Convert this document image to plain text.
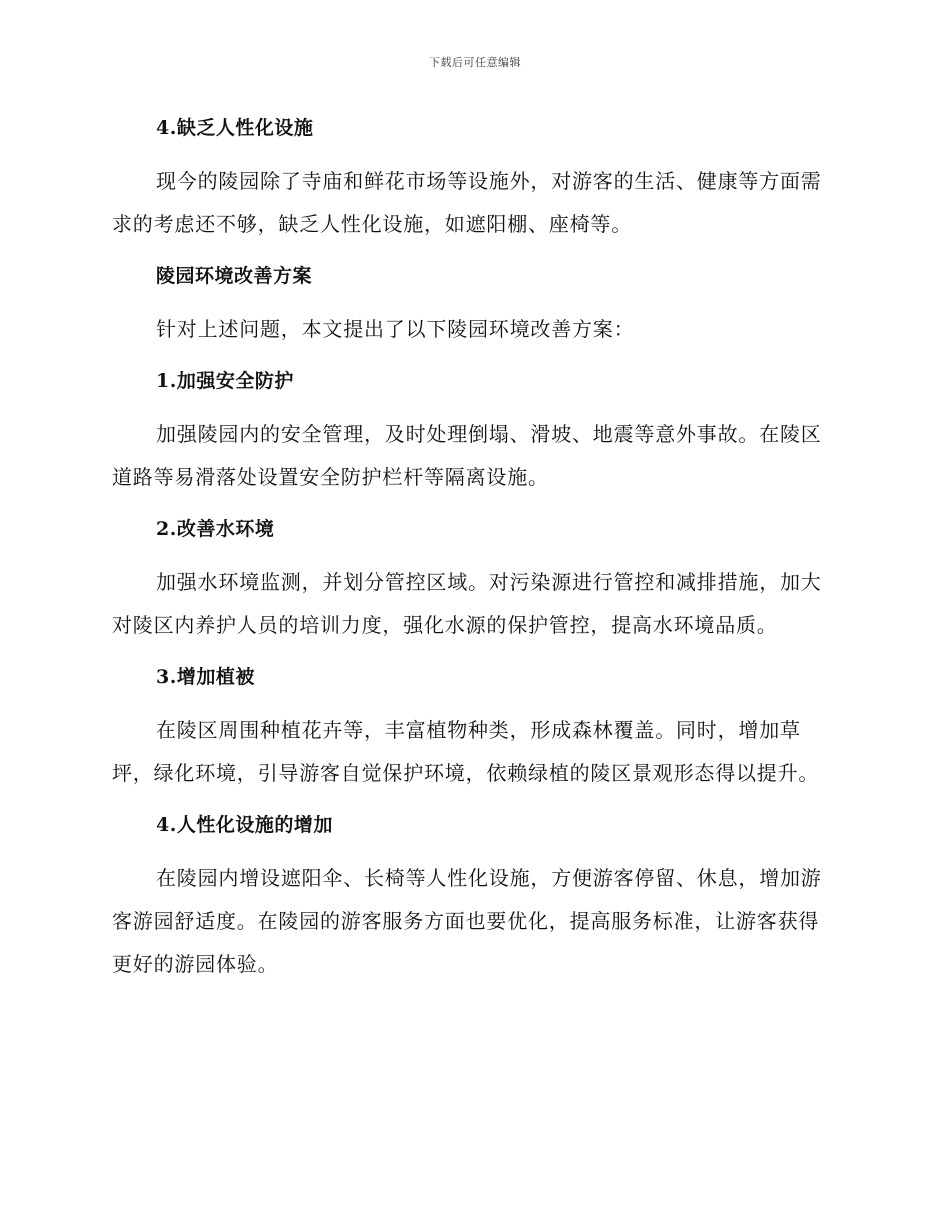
下载后可任意编辑
4.缺乏人性化设施

现今的陵园除了寺庙和鲜花市场等设施外，对游客的生活、健康等方面需求的考虑还不够，缺乏人性化设施，如遮阳棚、座椅等。

陵园环境改善方案

针对上述问题，本文提出了以下陵园环境改善方案：

1.加强安全防护

加强陵园内的安全管理，及时处理倒塌、滑坡、地震等意外事故。在陵区道路等易滑落处设置安全防护栏杆等隔离设施。

2.改善水环境

加强水环境监测，并划分管控区域。对污染源进行管控和减排措施，加大对陵区内养护人员的培训力度，强化水源的保护管控，提高水环境品质。

3.增加植被

在陵区周围种植花卉等，丰富植物种类，形成森林覆盖。同时，增加草坪，绿化环境，引导游客自觉保护环境，依赖绿植的陵区景观形态得以提升。

4.人性化设施的增加

在陵园内增设遮阳伞、长椅等人性化设施，方便游客停留、休息，增加游客游园舒适度。在陵园的游客服务方面也要优化，提高服务标准，让游客获得更好的游园体验。
